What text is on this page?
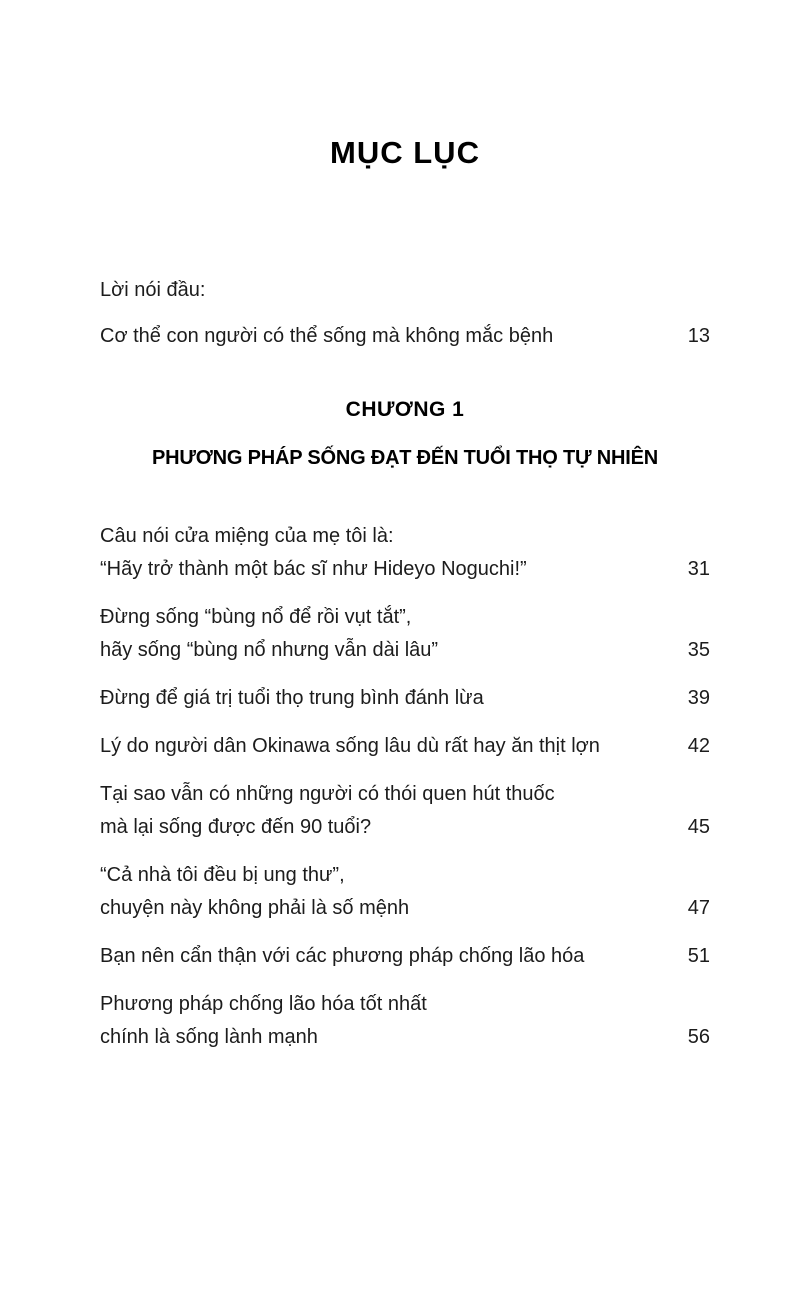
MỤC LỤC
Lời nói đầu:
Cơ thể con người có thể sống mà không mắc bệnh	13
CHƯƠNG 1
PHƯƠNG PHÁP SỐNG ĐẠT ĐẾN TUỔI THỌ TỰ NHIÊN
Câu nói cửa miệng của mẹ tôi là:
“Hãy trở thành một bác sĩ như Hideyo Noguchi!”	31
Đừng sống “bùng nổ để rồi vụt tắt”,
hãy sống “bùng nổ nhưng vẫn dài lâu”	35
Đừng để giá trị tuổi thọ trung bình đánh lừa	39
Lý do người dân Okinawa sống lâu dù rất hay ăn thịt lợn	42
Tại sao vẫn có những người có thói quen hút thuốc
mà lại sống được đến 90 tuổi?	45
“Cả nhà tôi đều bị ung thư”,
chuyện này không phải là số mệnh	47
Bạn nên cẩn thận với các phương pháp chống lão hóa	51
Phương pháp chống lão hóa tốt nhất
chính là sống lành mạnh	56
